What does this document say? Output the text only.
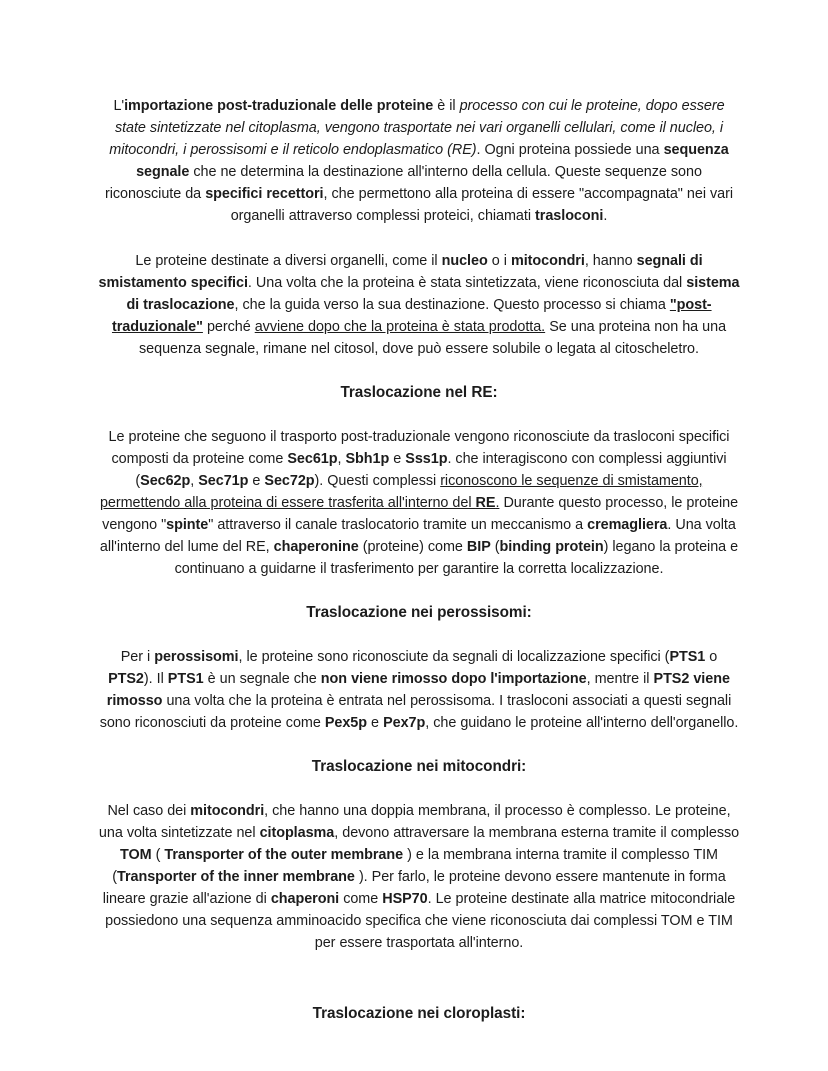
L'importazione post-traduzionale delle proteine è il processo con cui le proteine, dopo essere state sintetizzate nel citoplasma, vengono trasportate nei vari organelli cellulari, come il nucleo, i mitocondri, i perossisomi e il reticolo endoplasmatico (RE). Ogni proteina possiede una sequenza segnale che ne determina la destinazione all'interno della cellula. Queste sequenze sono riconosciute da specifici recettori, che permettono alla proteina di essere "accompagnata" nei vari organelli attraverso complessi proteici, chiamati trasloconi.

Le proteine destinate a diversi organelli, come il nucleo o i mitocondri, hanno segnali di smistamento specifici. Una volta che la proteina è stata sintetizzata, viene riconosciuta dal sistema di traslocazione, che la guida verso la sua destinazione. Questo processo si chiama "post-traduzionale" perché avviene dopo che la proteina è stata prodotta. Se una proteina non ha una sequenza segnale, rimane nel citosol, dove può essere solubile o legata al citoscheletro.

Traslocazione nel RE:

Le proteine che seguono il trasporto post-traduzionale vengono riconosciute da trasloconi specifici composti da proteine come Sec61p, Sbh1p e Sss1p. che interagiscono con complessi aggiuntivi (Sec62p, Sec71p e Sec72p). Questi complessi riconoscono le sequenze di smistamento, permettendo alla proteina di essere trasferita all'interno del RE. Durante questo processo, le proteine vengono "spinte" attraverso il canale traslocatorio tramite un meccanismo a cremagliera. Una volta all'interno del lume del RE, chaperonine (proteine) come BIP (binding protein) legano la proteina e continuano a guidarne il trasferimento per garantire la corretta localizzazione.

Traslocazione nei perossisomi:

Per i perossisomi, le proteine sono riconosciute da segnali di localizzazione specifici (PTS1 o PTS2). Il PTS1 è un segnale che non viene rimosso dopo l'importazione, mentre il PTS2 viene rimosso una volta che la proteina è entrata nel perossisoma. I trasloconi associati a questi segnali sono riconosciuti da proteine come Pex5p e Pex7p, che guidano le proteine all'interno dell'organello.

Traslocazione nei mitocondri:

Nel caso dei mitocondri, che hanno una doppia membrana, il processo è complesso. Le proteine, una volta sintetizzate nel citoplasma, devono attraversare la membrana esterna tramite il complesso TOM ( Transporter of the outer membrane ) e la membrana interna tramite il complesso TIM (Transporter of the inner membrane ). Per farlo, le proteine devono essere mantenute in forma lineare grazie all'azione di chaperoni come HSP70. Le proteine destinate alla matrice mitocondriale possiedono una sequenza amminoacido specifica che viene riconosciuta dai complessi TOM e TIM per essere trasportata all'interno.

Traslocazione nei cloroplasti:
